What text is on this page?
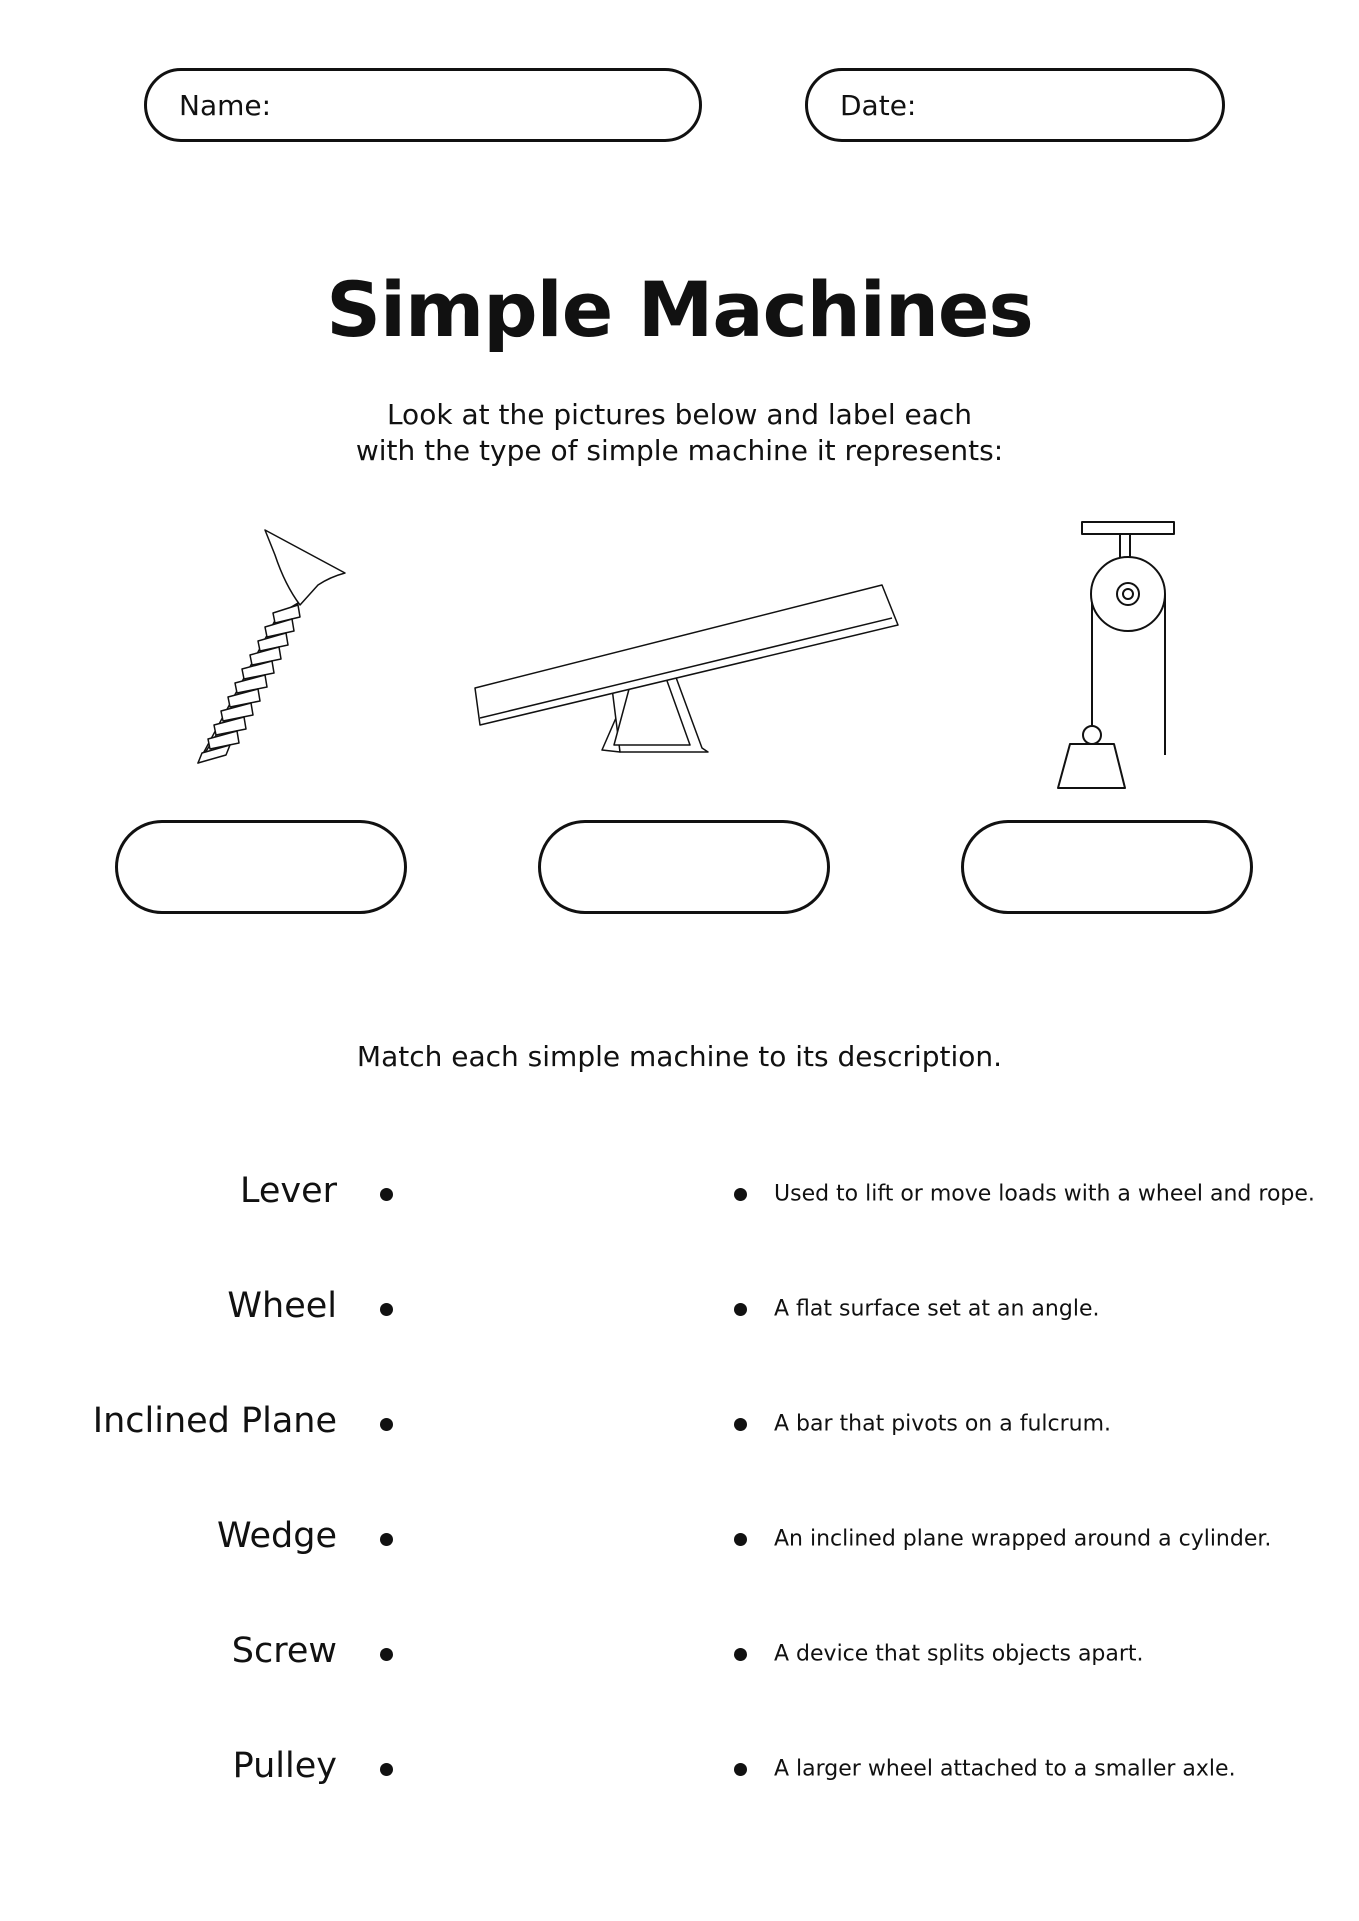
Name:	Date:
Simple Machines
Look at the pictures below and label each
with the type of simple machine it represents:
Match each simple machine to its description.
Lever
Wheel
Inclined Plane
Wedge
Screw
Pulley
Used to lift or move loads with a wheel and rope.
A flat surface set at an angle.
A bar that pivots on a fulcrum.
An inclined plane wrapped around a cylinder.
A device that splits objects apart.
A larger wheel attached to a smaller axle.
